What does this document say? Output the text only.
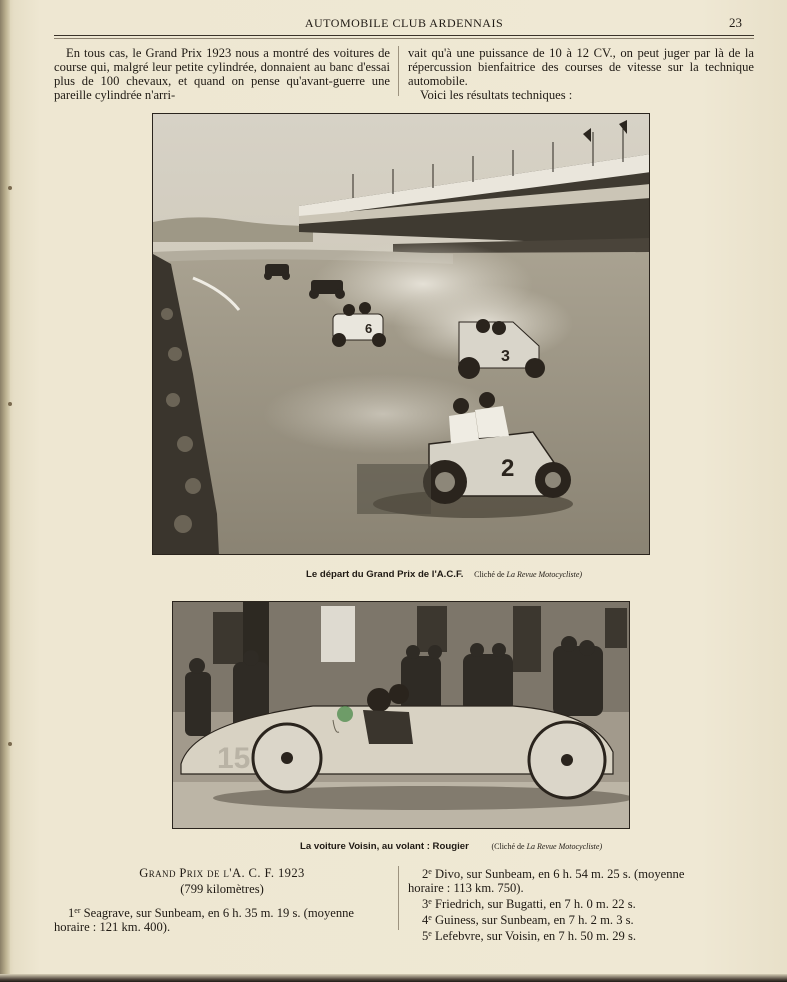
AUTOMOBILE CLUB ARDENNAIS	23

En tous cas, le Grand Prix 1923 nous a montré des voitures de course qui, malgré leur petite cylindrée, donnaient au banc d'essai plus de 100 chevaux, et quand on pense qu'avant-guerre une pareille cylindrée n'arri-

vait qu'à une puissance de 10 à 12 CV., on peut juger par là de la répercussion bienfaitrice des courses de vitesse sur la technique automobile.

Voici les résultats techniques :

6
3
2
Le départ du Grand Prix de l'A.C.F. Cliché de La Revue Motocycliste)
15
La voiture Voisin, au volant : Rougier	(Cliché de La Revue Motocycliste)
Grand Prix de l'A. C. F. 1923
(799 kilomètres)
1er Seagrave, sur Sunbeam, en 6 h. 35 m. 19 s. (moyenne
horaire : 121 km. 400).
2e Divo, sur Sunbeam, en 6 h. 54 m. 25 s. (moyenne
horaire : 113 km. 750).
3e Friedrich, sur Bugatti, en 7 h. 0 m. 22 s.
4e Guiness, sur Sunbeam, en 7 h. 2 m. 3 s.
5e Lefebvre, sur Voisin, en 7 h. 50 m. 29 s.
